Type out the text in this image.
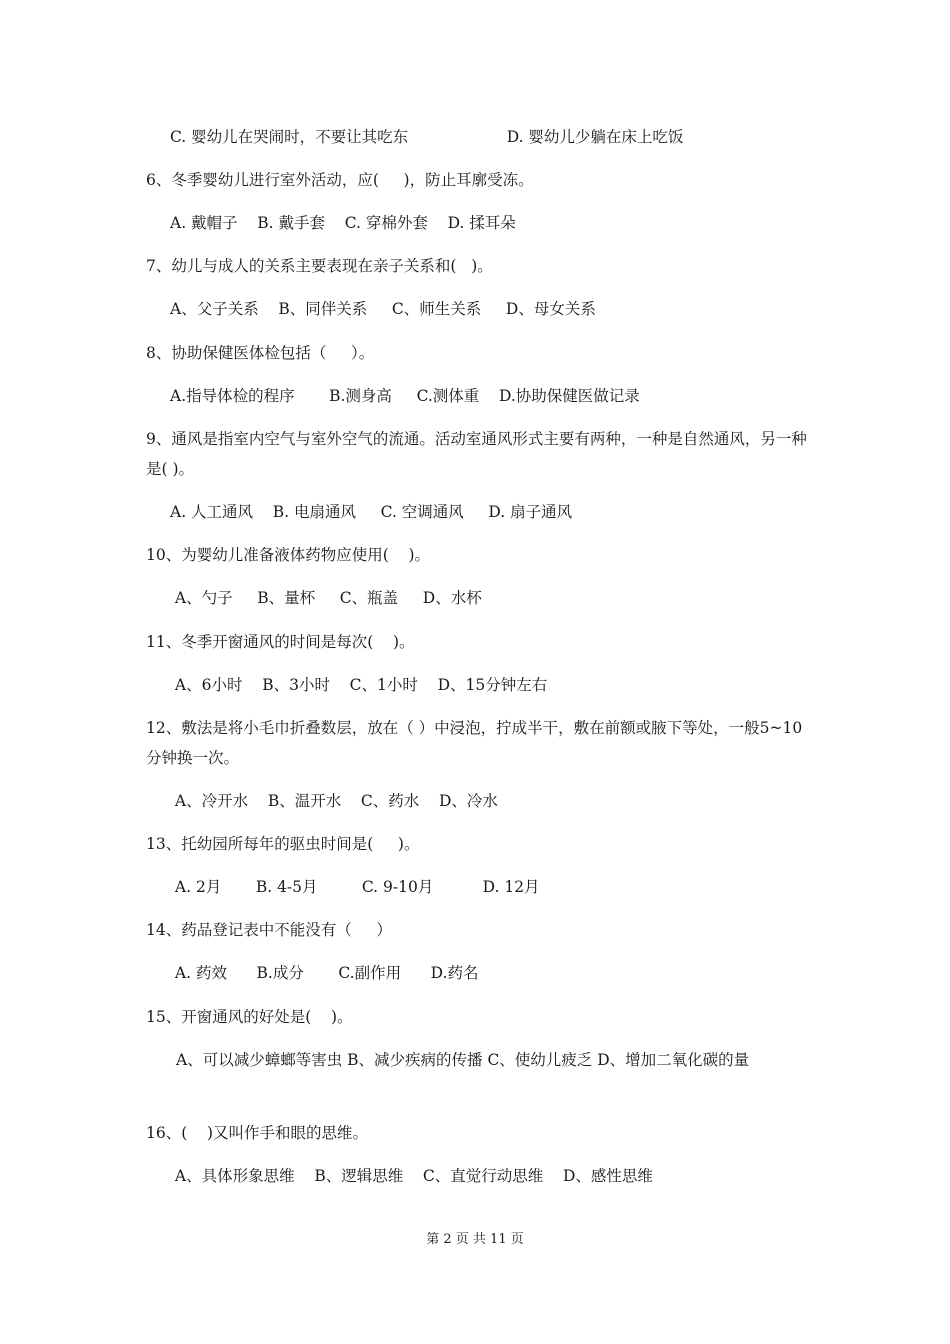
C. 婴幼儿在哭闹时，不要让其吃东                    D. 婴幼儿少躺在床上吃饭
6、冬季婴幼儿进行室外活动，应(     )，防止耳廓受冻。
A. 戴帽子    B. 戴手套    C. 穿棉外套    D. 揉耳朵
7、幼儿与成人的关系主要表现在亲子关系和(   )。
A、父子关系    B、同伴关系     C、师生关系     D、母女关系
8、协助保健医体检包括（     ）。
A.指导体检的程序       B.测身高     C.测体重    D.协助保健医做记录
9、通风是指室内空气与室外空气的流通。活动室通风形式主要有两种，一种是自然通风，另一种是( )。
A. 人工通风    B. 电扇通风     C. 空调通风     D. 扇子通风
10、为婴幼儿准备液体药物应使用(    )。
A、勺子     B、量杯     C、瓶盖     D、水杯
11、冬季开窗通风的时间是每次(    )。
A、6小时    B、3小时    C、1小时    D、15分钟左右
12、敷法是将小毛巾折叠数层，放在（ ）中浸泡，拧成半干，敷在前额或腋下等处，一般5~10分钟换一次。
A、冷开水    B、温开水    C、药水    D、冷水
13、托幼园所每年的驱虫时间是(     )。
A. 2月       B. 4-5月         C. 9-10月          D. 12月
14、药品登记表中不能没有（     ）
A. 药效      B.成分       C.副作用      D.药名
15、开窗通风的好处是(    )。
A、可以减少蟑螂等害虫 B、减少疾病的传播 C、使幼儿疲乏 D、增加二氧化碳的量
16、(    )又叫作手和眼的思维。
A、具体形象思维    B、逻辑思维    C、直觉行动思维    D、感性思维
第 2 页 共 11 页
